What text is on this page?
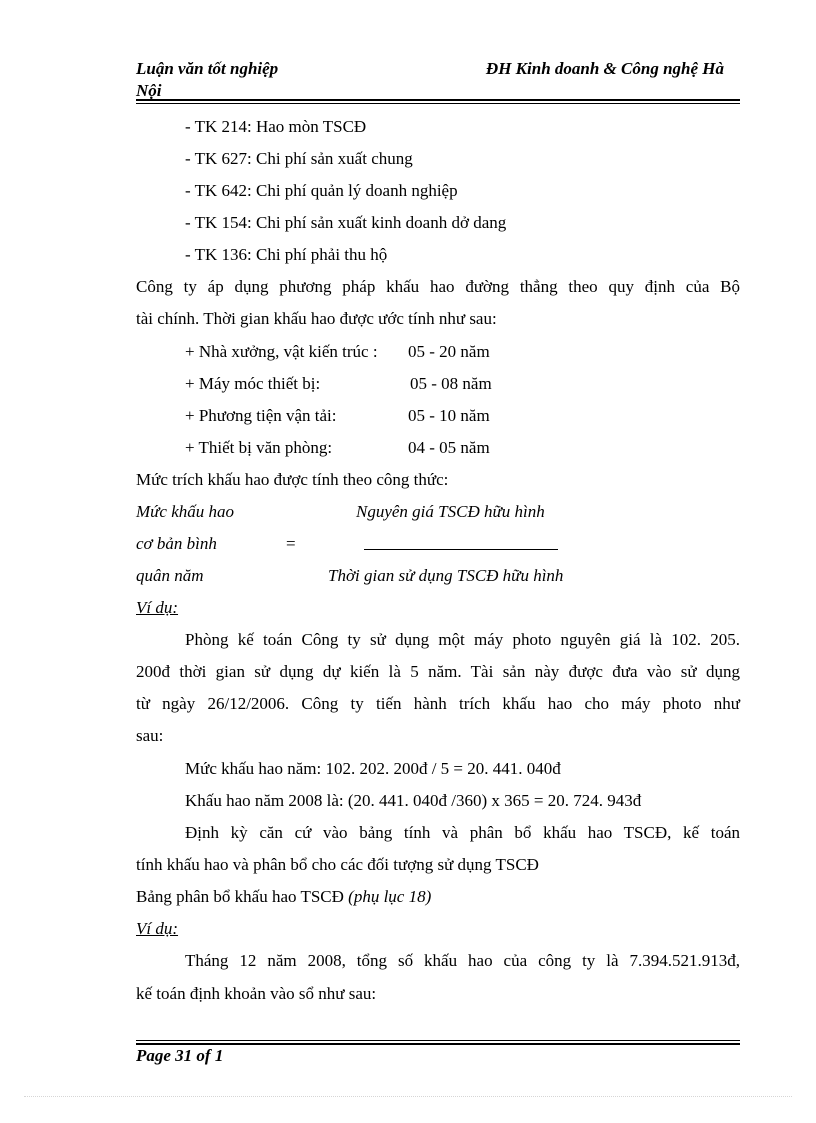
Luận văn tốt nghiệp
Nội
ĐH Kinh doanh & Công nghệ Hà
- TK 214: Hao mòn TSCĐ
- TK 627: Chi phí sản xuất chung
- TK 642: Chi phí quản lý doanh nghiệp
- TK 154: Chi phí sản xuất kinh doanh dở dang
- TK 136: Chi phí phải thu hộ
Công ty áp dụng phương pháp khấu hao đường thẳng theo quy định của Bộ
tài chính. Thời gian khấu hao được ước tính như sau:
+ Nhà xưởng, vật kiến trúc : 05 - 20 năm
+ Máy móc thiết bị:	05 - 08 năm
+ Phương tiện vận tải:	05 - 10 năm
+ Thiết bị văn phòng:	04 - 05 năm
Mức trích khấu hao được tính theo công thức:
Mức khấu hao	Nguyên giá TSCĐ hữu hình
cơ bản bình	=
quân năm	Thời gian sử dụng TSCĐ hữu hình
Ví dụ:
Phòng kế toán Công ty sử dụng một máy photo nguyên giá là 102. 205.
200đ thời gian sử dụng dự kiến là 5 năm. Tài sản này được đưa vào sử dụng
từ ngày 26/12/2006. Công ty tiến hành trích khấu hao cho máy photo như
sau:
Mức khấu hao năm: 102. 202. 200đ / 5 = 20. 441. 040đ
Khấu hao năm 2008 là: (20. 441. 040đ /360) x 365 = 20. 724. 943đ
Định kỳ căn cứ vào bảng tính và phân bổ khấu hao TSCĐ, kế toán
tính khấu hao và phân bổ cho các đối tượng sử dụng TSCĐ
Bảng phân bổ khấu hao TSCĐ (phụ lục 18)
Ví dụ:
Tháng 12 năm 2008, tổng số khấu hao của công ty là 7.394.521.913đ,
kế toán định khoản vào sổ như sau:
Page 31 of 1
